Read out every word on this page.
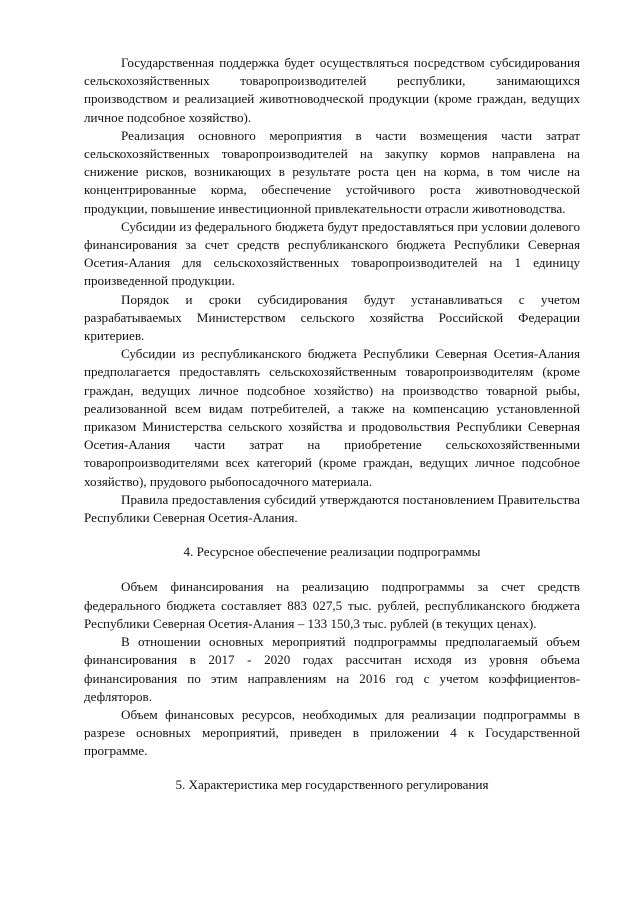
Государственная поддержка будет осуществляться посредством субсидирования сельскохозяйственных товаропроизводителей республики, занимающихся производством и реализацией животноводческой продукции (кроме граждан, ведущих личное подсобное хозяйство).

Реализация основного мероприятия в части возмещения части затрат сельскохозяйственных товаропроизводителей на закупку кормов направлена на снижение рисков, возникающих в результате роста цен на корма, в том числе на концентрированные корма, обеспечение устойчивого роста животноводческой продукции, повышение инвестиционной привлекательности отрасли животноводства.

Субсидии из федерального бюджета будут предоставляться при условии долевого финансирования за счет средств республиканского бюджета Республики Северная Осетия-Алания для сельскохозяйственных товаропроизводителей на 1 единицу произведенной продукции.

Порядок и сроки субсидирования будут устанавливаться с учетом разрабатываемых Министерством сельского хозяйства Российской Федерации критериев.

Субсидии из республиканского бюджета Республики Северная Осетия-Алания предполагается предоставлять сельскохозяйственным товаропроизводителям (кроме граждан, ведущих личное подсобное хозяйство) на производство товарной рыбы, реализованной всем видам потребителей, а также на компенсацию установленной приказом Министерства сельского хозяйства и продовольствия Республики Северная Осетия-Алания части затрат на приобретение сельскохозяйственными товаропроизводителями всех категорий (кроме граждан, ведущих личное подсобное хозяйство), прудового рыбопосадочного материала.

Правила предоставления субсидий утверждаются постановлением Правительства Республики Северная Осетия-Алания.

4. Ресурсное обеспечение реализации подпрограммы

Объем финансирования на реализацию подпрограммы за счет средств федерального бюджета составляет 883 027,5 тыс. рублей, республиканского бюджета Республики Северная Осетия-Алания – 133 150,3 тыс. рублей (в текущих ценах).

В отношении основных мероприятий подпрограммы предполагаемый объем финансирования в 2017 - 2020 годах рассчитан исходя из уровня объема финансирования по этим направлениям на 2016 год с учетом коэффициентов-дефляторов.

Объем финансовых ресурсов, необходимых для реализации подпрограммы в разрезе основных мероприятий, приведен в приложении 4 к Государственной программе.

5. Характеристика мер государственного регулирования
